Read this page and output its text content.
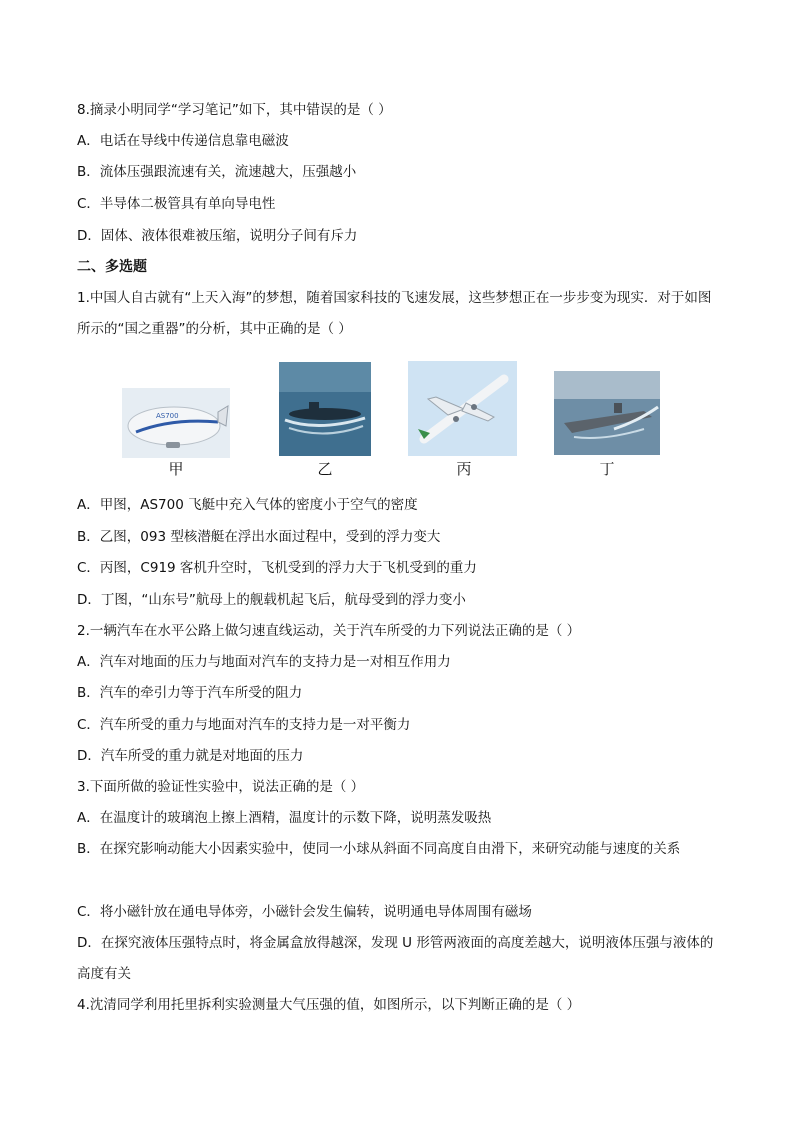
8.摘录小明同学“学习笔记”如下，其中错误的是（ ）
A．电话在导线中传递信息靠电磁波
B．流体压强跟流速有关，流速越大，压强越小
C．半导体二极管具有单向导电性
D．固体、液体很难被压缩，说明分子间有斥力
二、多选题
1.中国人自古就有“上天入海”的梦想，随着国家科技的飞速发展，这些梦想正在一步步变为现实．对于如图所示的“国之重器”的分析，其中正确的是（ ）
AS700
甲	乙	丙	丁
A．甲图，AS700 飞艇中充入气体的密度小于空气的密度
B．乙图，093 型核潜艇在浮出水面过程中，受到的浮力变大
C．丙图，C919 客机升空时，飞机受到的浮力大于飞机受到的重力
D．丁图，“山东号”航母上的舰载机起飞后，航母受到的浮力变小
2.一辆汽车在水平公路上做匀速直线运动，关于汽车所受的力下列说法正确的是（ ）
A．汽车对地面的压力与地面对汽车的支持力是一对相互作用力
B．汽车的牵引力等于汽车所受的阻力
C．汽车所受的重力与地面对汽车的支持力是一对平衡力
D．汽车所受的重力就是对地面的压力
3.下面所做的验证性实验中，说法正确的是（ ）
A．在温度计的玻璃泡上擦上酒精，温度计的示数下降，说明蒸发吸热
B．在探究影响动能大小因素实验中，使同一小球从斜面不同高度自由滑下，来研究动能与速度的关系
C．将小磁针放在通电导体旁，小磁针会发生偏转，说明通电导体周围有磁场
D．在探究液体压强特点时，将金属盒放得越深，发现 U 形管两液面的高度差越大，说明液体压强与液体的高度有关
4.沈清同学利用托里拆利实验测量大气压强的值，如图所示，以下判断正确的是（ ）
